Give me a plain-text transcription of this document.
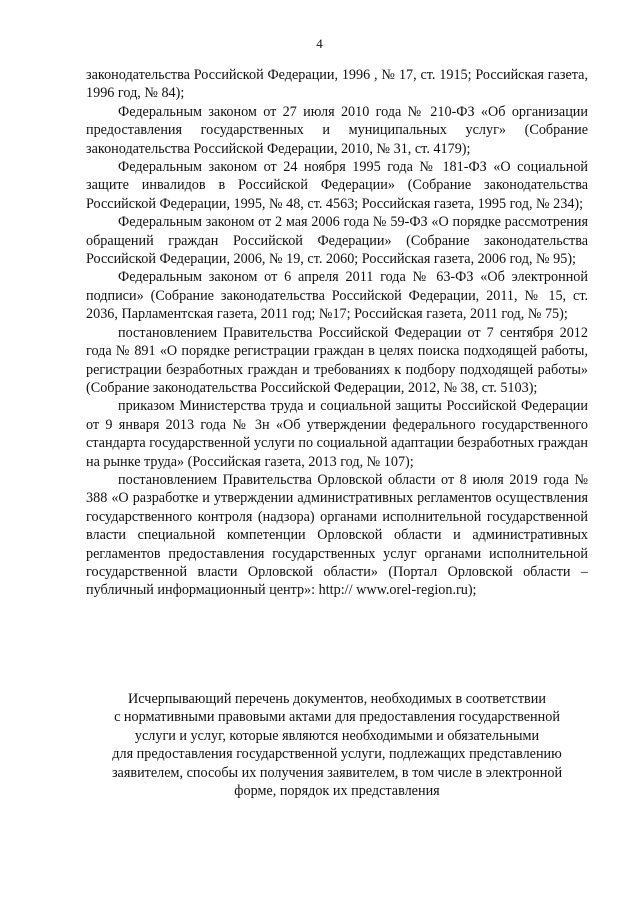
4

законодательства Российской Федерации, 1996 , № 17, ст. 1915; Российская газета, 1996 год, № 84);

Федеральным законом от 27 июля 2010 года № 210-ФЗ «Об организации предоставления государственных и муниципальных услуг» (Собрание законодательства Российской Федерации, 2010, № 31, ст. 4179);

Федеральным законом от 24 ноября 1995 года № 181-ФЗ «О социальной защите инвалидов в Российской Федерации» (Собрание законодательства Российской Федерации, 1995, № 48, ст. 4563; Российская газета, 1995 год, № 234);

Федеральным законом от 2 мая 2006 года № 59-ФЗ «О порядке рассмотрения обращений граждан Российской Федерации» (Собрание законодательства Российской Федерации, 2006, № 19, ст. 2060; Российская газета, 2006 год, № 95);

Федеральным законом от 6 апреля 2011 года № 63-ФЗ «Об электронной подписи» (Собрание законодательства Российской Федерации, 2011, № 15, ст. 2036, Парламентская газета, 2011 год; №17; Российская газета, 2011 год, № 75);

постановлением Правительства Российской Федерации от 7 сентября 2012 года № 891 «О порядке регистрации граждан в целях поиска подходящей работы, регистрации безработных граждан и требованиях к подбору подходящей работы» (Собрание законодательства Российской Федерации, 2012, № 38, ст. 5103);

приказом Министерства труда и социальной защиты Российской Федерации от 9 января 2013 года № 3н «Об утверждении федерального государственного стандарта государственной услуги по социальной адаптации безработных граждан на рынке труда» (Российская газета, 2013 год, № 107);

постановлением Правительства Орловской области от 8 июля 2019 года № 388 «О разработке и утверждении административных регламентов осуществления государственного контроля (надзора) органами исполнительной государственной власти специальной компетенции Орловской области и административных регламентов предоставления государственных услуг органами исполнительной государственной власти Орловской области» (Портал Орловской области – публичный информационный центр»: http:// www.orel-region.ru);

Исчерпывающий перечень документов, необходимых в соответствии
с нормативными правовыми актами для предоставления государственной
услуги и услуг, которые являются необходимыми и обязательными
для предоставления государственной услуги, подлежащих представлению
заявителем, способы их получения заявителем, в том числе в электронной
форме, порядок их представления
